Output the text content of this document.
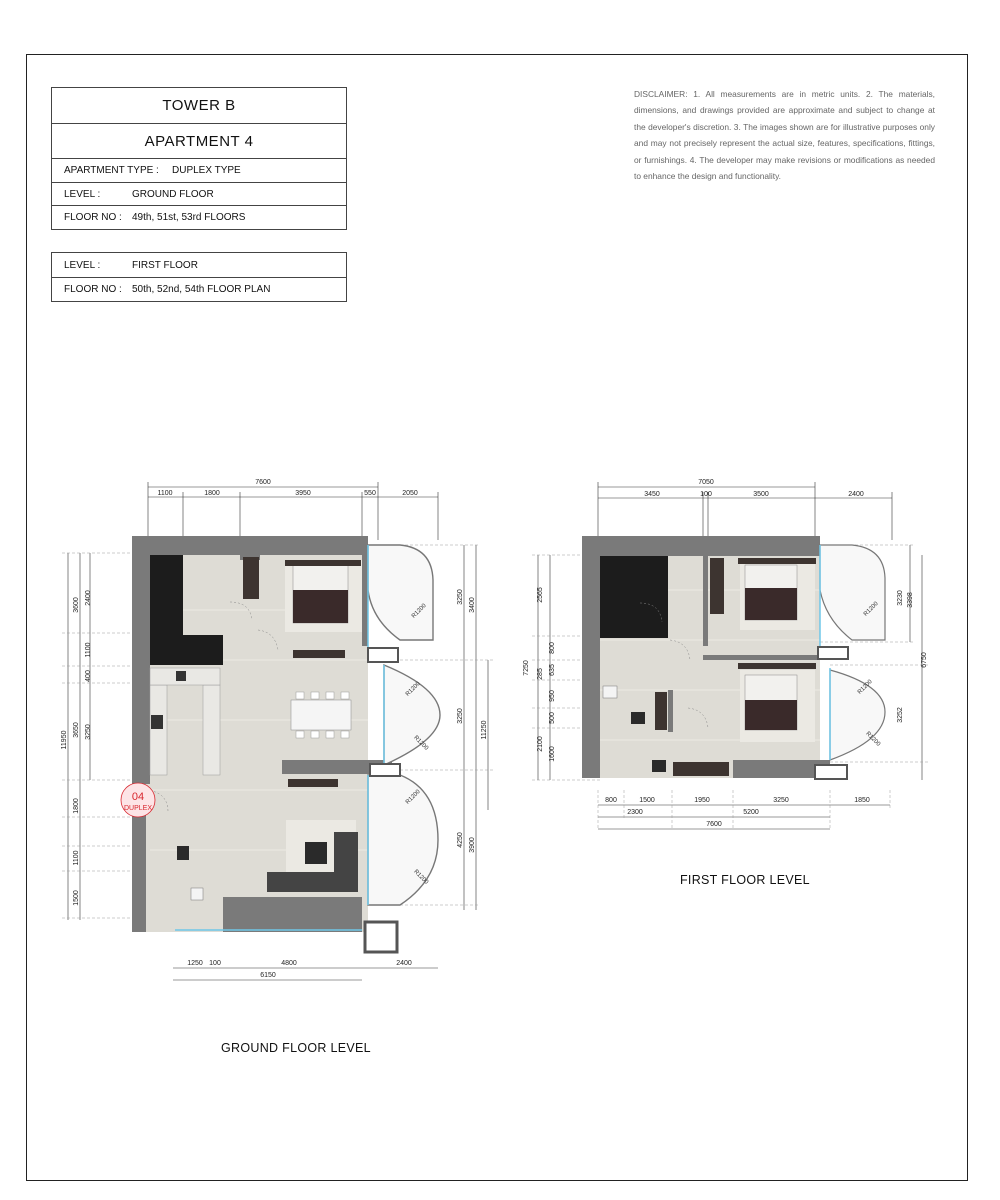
TOWER B
APARTMENT 4
APARTMENT TYPE :	DUPLEX TYPE
LEVEL :	GROUND FLOOR
FLOOR NO :	49th, 51st, 53rd FLOORS
LEVEL :	FIRST FLOOR
FLOOR NO :	50th, 52nd, 54th FLOOR PLAN
DISCLAIMER: 1. All measurements are in metric units. 2. The materials, dimensions, and drawings provided are approximate and subject to change at the developer's discretion. 3. The images shown are for illustrative purposes only and may not precisely represent the actual size, features, specifications, fittings, or furnishings. 4. The developer may make revisions or modifications as needed to enhance the design and functionality.
7600
1100	1800	3950	550	2050
1250 100	4800	2400
6150
3600
11950
3650
1800
1100
1500
2400
1100
400
3250
3250
3250
4250
3400
11250
3900
R1200
R1200
R1200
R1200
R1200
04
DUPLEX
7050
3450	100	3500	2400
800	1500	1950	3250	1850
2300	5200
7600
7250
2565
800
635
285
950
500
2100
1600
3230
3252
3398
6750
R1200
R1200
R1200
GROUND FLOOR LEVEL
FIRST FLOOR LEVEL
